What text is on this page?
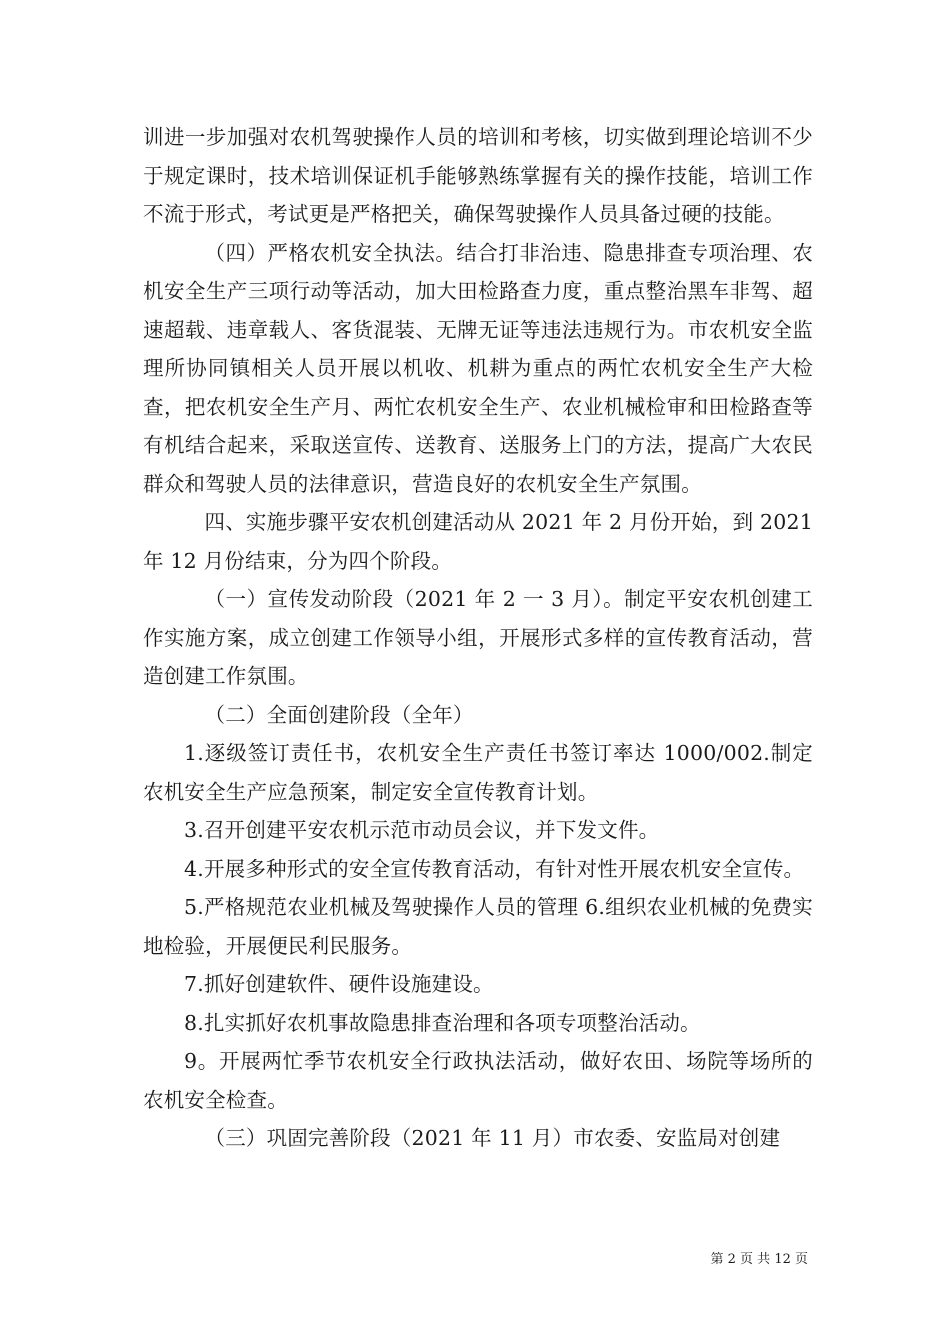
训进一步加强对农机驾驶操作人员的培训和考核，切实做到理论培训不少于规定课时，技术培训保证机手能够熟练掌握有关的操作技能，培训工作不流于形式，考试更是严格把关，确保驾驶操作人员具备过硬的技能。

（四）严格农机安全执法。结合打非治违、隐患排查专项治理、农机安全生产三项行动等活动，加大田检路查力度，重点整治黑车非驾、超速超载、违章载人、客货混装、无牌无证等违法违规行为。市农机安全监理所协同镇相关人员开展以机收、机耕为重点的两忙农机安全生产大检查，把农机安全生产月、两忙农机安全生产、农业机械检审和田检路查等有机结合起来，采取送宣传、送教育、送服务上门的方法，提高广大农民群众和驾驶人员的法律意识，营造良好的农机安全生产氛围。

四、实施步骤平安农机创建活动从 2021 年 2 月份开始，到 2021 年 12 月份结束，分为四个阶段。

（一）宣传发动阶段（2021 年 2 一 3 月）。制定平安农机创建工作实施方案，成立创建工作领导小组，开展形式多样的宣传教育活动，营造创建工作氛围。

（二）全面创建阶段（全年）

1.逐级签订责任书，农机安全生产责任书签订率达 1000/002.制定农机安全生产应急预案，制定安全宣传教育计划。

3.召开创建平安农机示范市动员会议，并下发文件。

4.开展多种形式的安全宣传教育活动，有针对性开展农机安全宣传。

5.严格规范农业机械及驾驶操作人员的管理 6.组织农业机械的免费实地检验，开展便民利民服务。

7.抓好创建软件、硬件设施建设。

8.扎实抓好农机事故隐患排查治理和各项专项整治活动。

9。开展两忙季节农机安全行政执法活动，做好农田、场院等场所的农机安全检查。

（三）巩固完善阶段（2021 年 11 月）市农委、安监局对创建

第 2 页 共 12 页
